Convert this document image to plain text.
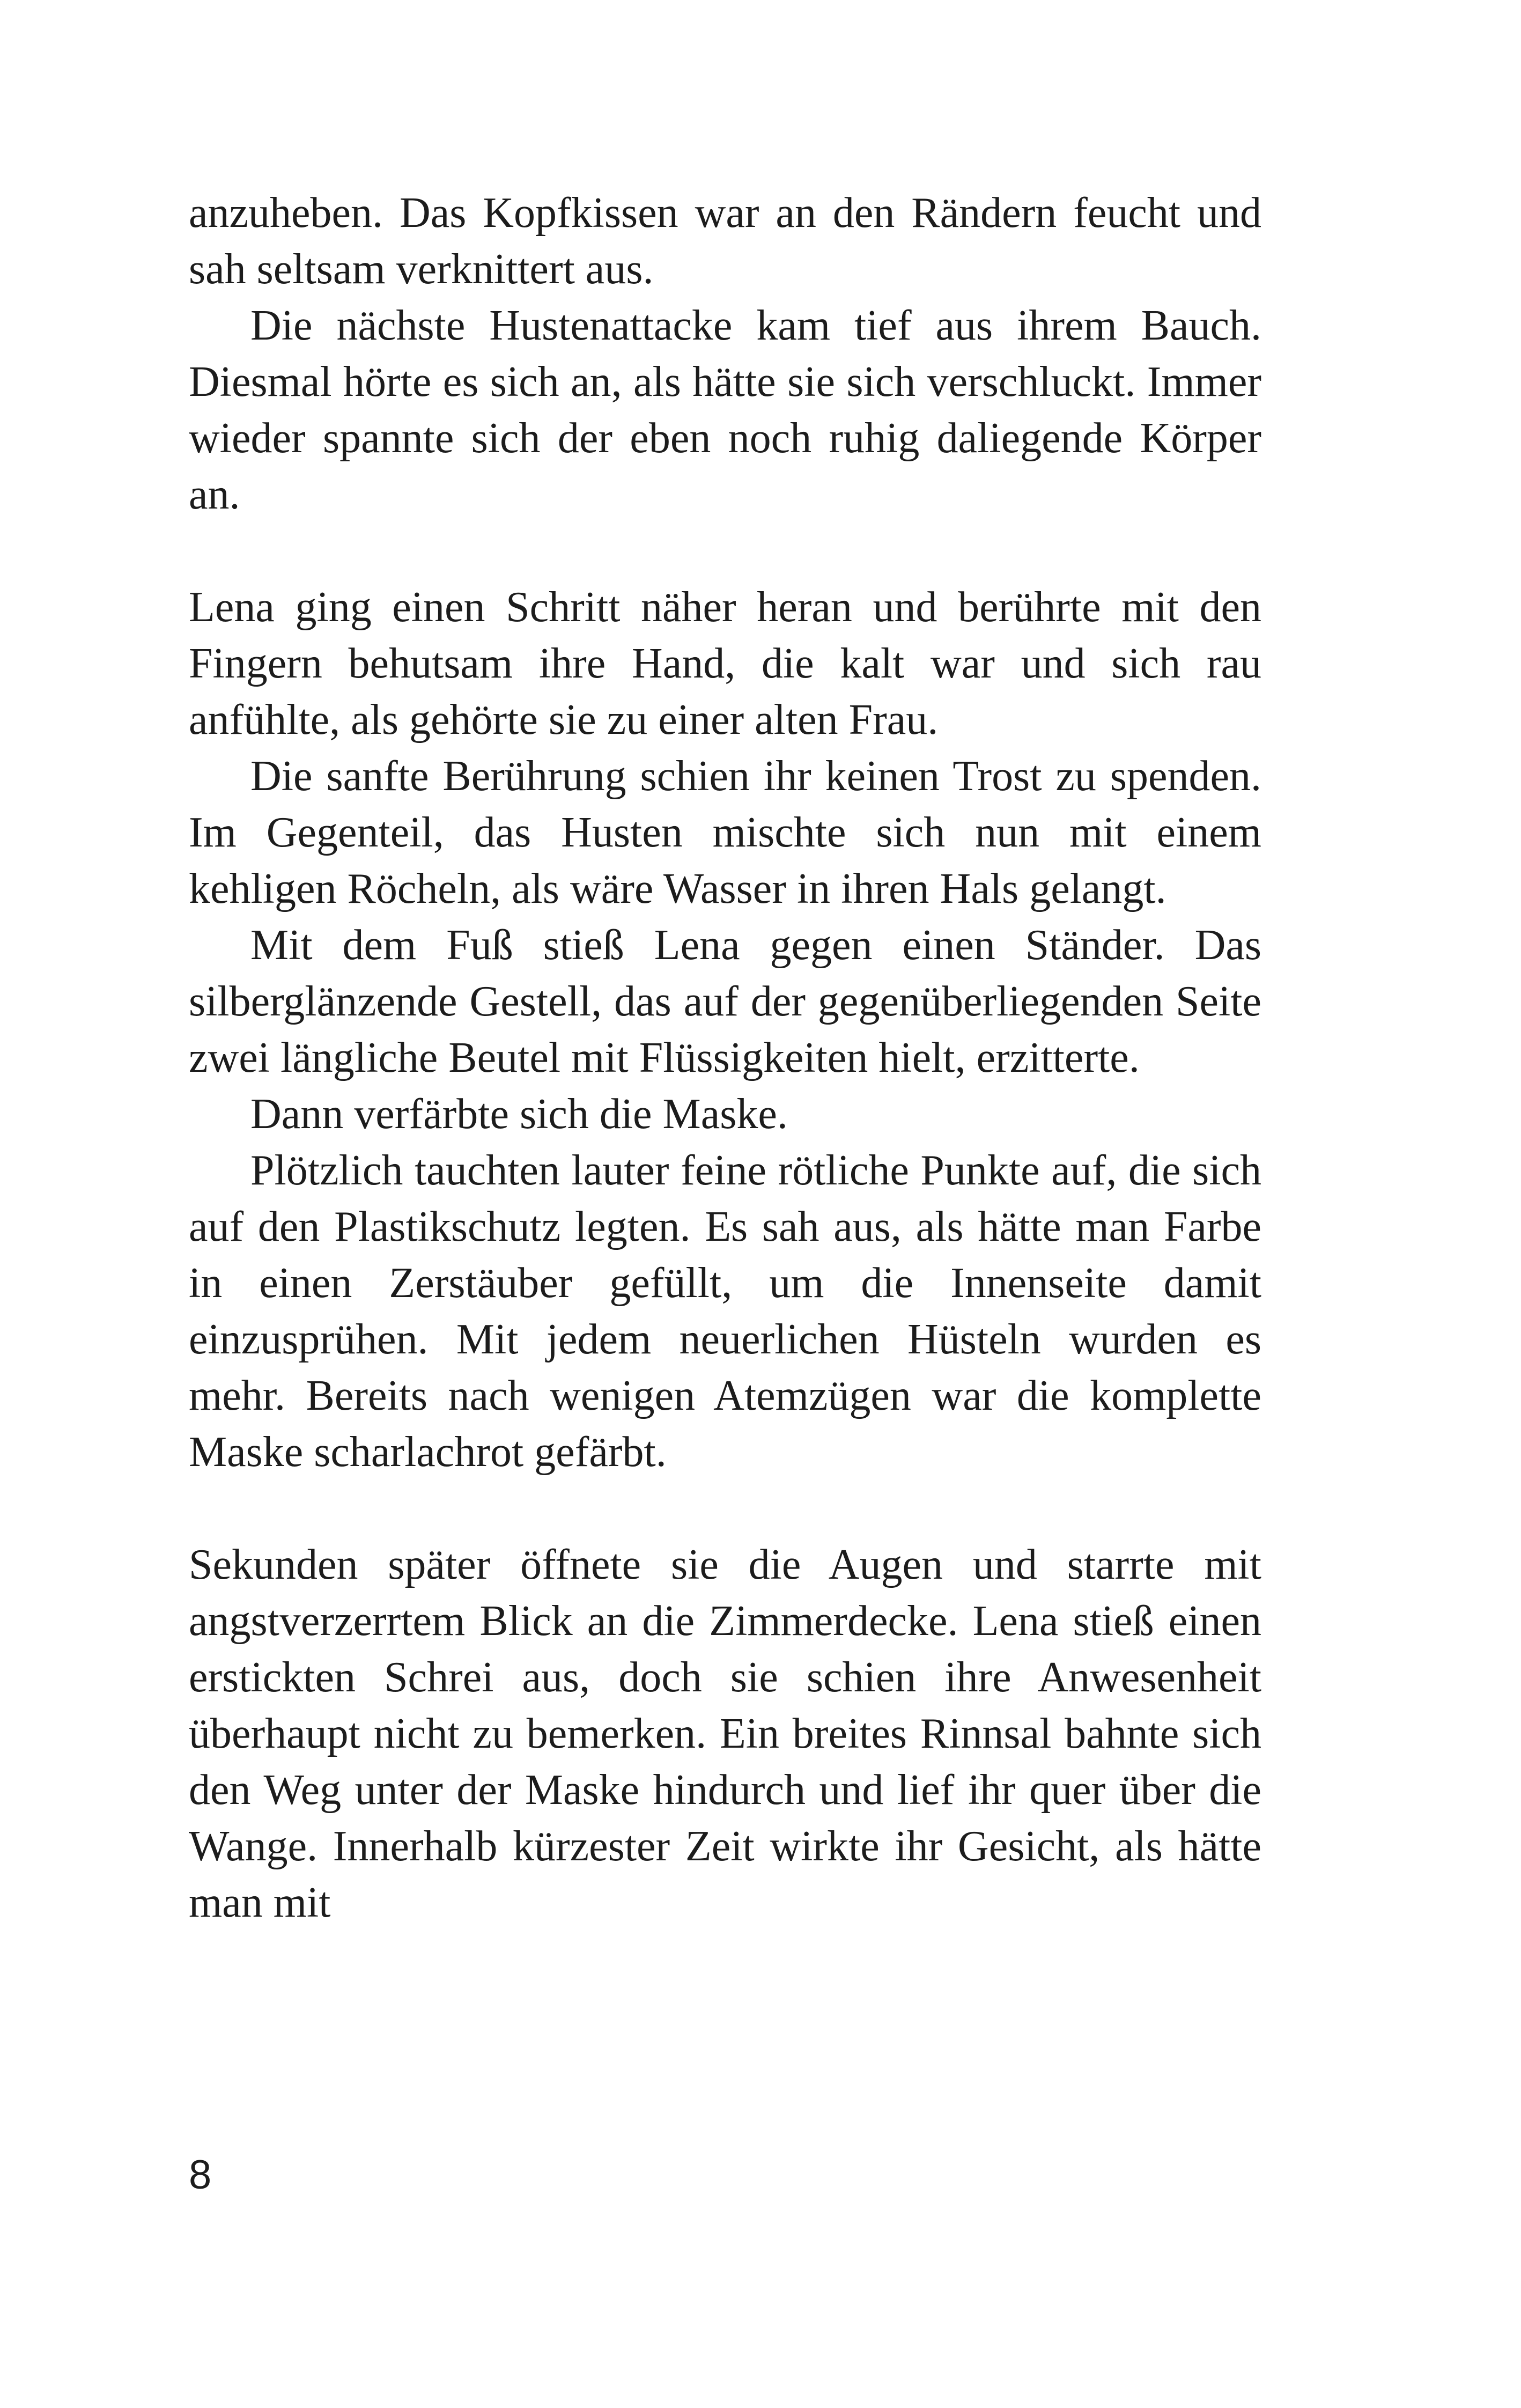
anzuheben. Das Kopfkissen war an den Rändern feucht und sah seltsam verknittert aus.

Die nächste Hustenattacke kam tief aus ihrem Bauch. Diesmal hörte es sich an, als hätte sie sich verschluckt. Immer wieder spannte sich der eben noch ruhig daliegende Körper an.

Lena ging einen Schritt näher heran und berührte mit den Fingern behutsam ihre Hand, die kalt war und sich rau anfühlte, als gehörte sie zu einer alten Frau.

Die sanfte Berührung schien ihr keinen Trost zu spenden. Im Gegenteil, das Husten mischte sich nun mit einem kehligen Röcheln, als wäre Wasser in ihren Hals gelangt.

Mit dem Fuß stieß Lena gegen einen Ständer. Das silberglänzende Gestell, das auf der gegenüberliegenden Seite zwei längliche Beutel mit Flüssigkeiten hielt, erzitterte.

Dann verfärbte sich die Maske.

Plötzlich tauchten lauter feine rötliche Punkte auf, die sich auf den Plastikschutz legten. Es sah aus, als hätte man Farbe in einen Zerstäuber gefüllt, um die Innenseite damit einzusprühen. Mit jedem neuerlichen Hüsteln wurden es mehr. Bereits nach wenigen Atemzügen war die komplette Maske scharlachrot gefärbt.

Sekunden später öffnete sie die Augen und starrte mit angstverzerrtem Blick an die Zimmerdecke. Lena stieß einen erstickten Schrei aus, doch sie schien ihre Anwesenheit überhaupt nicht zu bemerken. Ein breites Rinnsal bahnte sich den Weg unter der Maske hindurch und lief ihr quer über die Wange. Innerhalb kürzester Zeit wirkte ihr Gesicht, als hätte man mit

8
